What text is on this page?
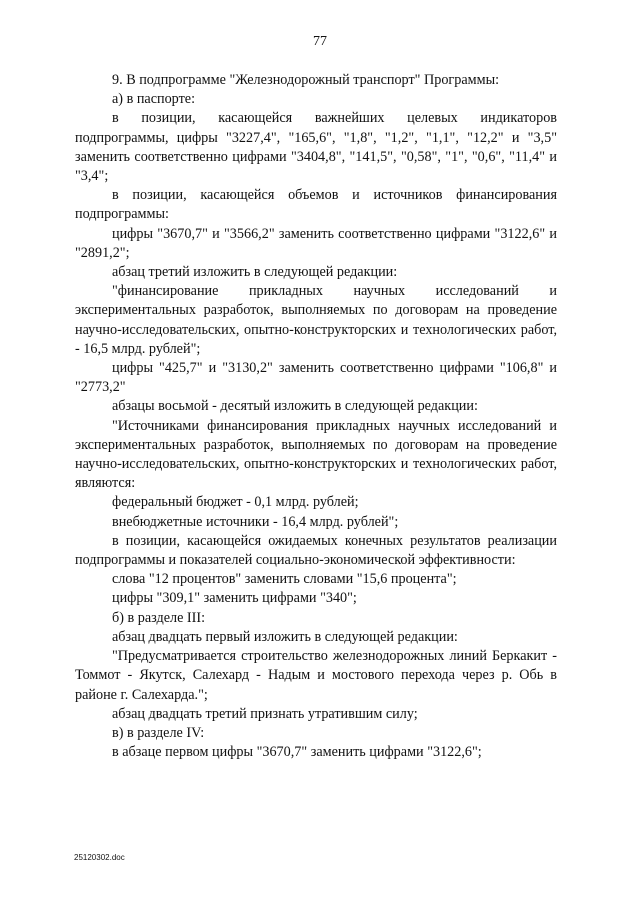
77

9. В подпрограмме "Железнодорожный транспорт" Программы:

а) в паспорте:

в позиции, касающейся важнейших целевых индикаторов подпрограммы, цифры "3227,4", "165,6", "1,8", "1,2", "1,1", "12,2" и "3,5" заменить соответственно цифрами "3404,8", "141,5", "0,58", "1", "0,6", "11,4" и "3,4";

в позиции, касающейся объемов и источников финансирования подпрограммы:

цифры "3670,7" и "3566,2" заменить соответственно цифрами "3122,6" и "2891,2";

абзац третий изложить в следующей редакции:

"финансирование прикладных научных исследований и экспериментальных разработок, выполняемых по договорам на проведение научно-исследовательских, опытно-конструкторских и технологических работ, - 16,5 млрд. рублей";

цифры "425,7" и "3130,2" заменить соответственно цифрами "106,8" и "2773,2"

абзацы восьмой - десятый изложить в следующей редакции:

"Источниками финансирования прикладных научных исследований и экспериментальных разработок, выполняемых по договорам на проведение научно-исследовательских, опытно-конструкторских и технологических работ, являются:

федеральный бюджет - 0,1 млрд. рублей;

внебюджетные источники - 16,4 млрд. рублей";

в позиции, касающейся ожидаемых конечных результатов реализации подпрограммы и показателей социально-экономической эффективности:

слова "12 процентов" заменить словами "15,6 процента";

цифры "309,1" заменить цифрами "340";

б) в разделе III:

абзац двадцать первый изложить в следующей редакции:

"Предусматривается строительство железнодорожных линий Беркакит - Томмот - Якутск, Салехард - Надым и мостового перехода через р. Обь в районе г. Салехарда.";

абзац двадцать третий признать утратившим силу;

в) в разделе IV:

в абзаце первом цифры "3670,7" заменить цифрами "3122,6";

25120302.doc
